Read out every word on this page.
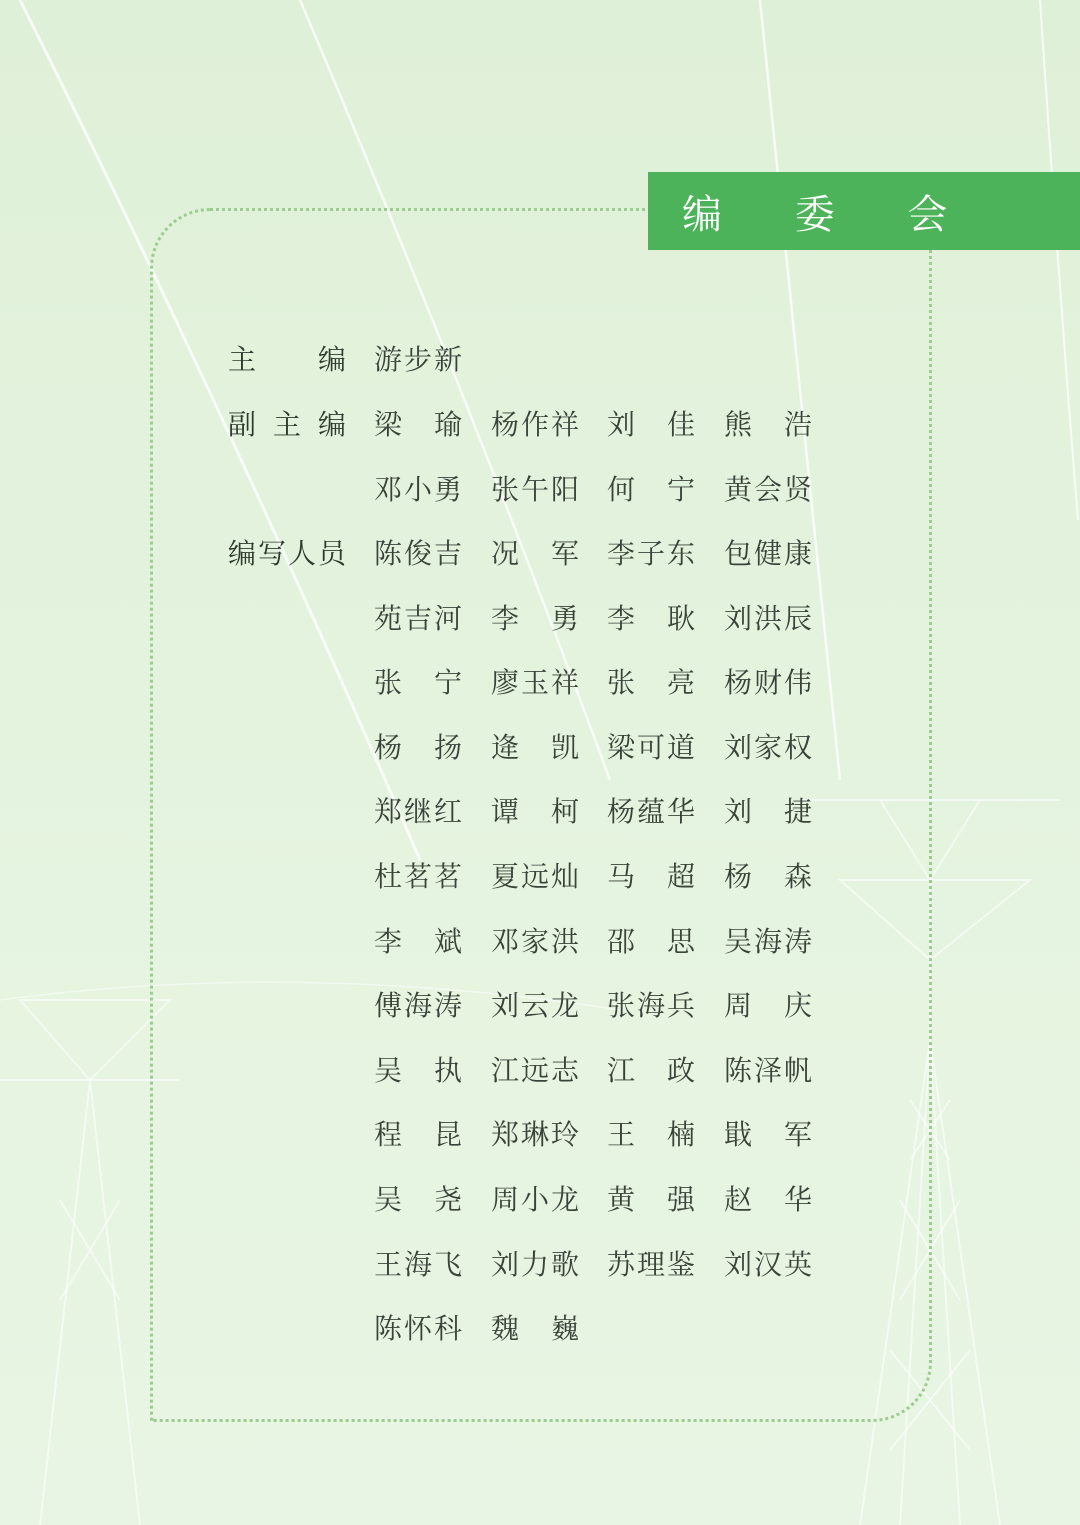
编 委 会
主 编
副 主 编
编 写 人 员
游 步 新
梁 瑜 杨 作 祥 刘 佳 熊 浩
邓 小 勇 张 午 阳 何 宁 黄 会 贤
陈 俊 吉 况 军 李 子 东 包 健 康
苑 吉 河 李 勇 李 耿 刘 洪 辰
张 宁 廖 玉 祥 张 亮 杨 财 伟
杨 扬 逄 凯 梁 可 道 刘 家 权
郑 继 红 谭 柯 杨 蕴 华 刘 捷
杜 茗 茗 夏 远 灿 马 超 杨 森
李 斌 邓 家 洪 邵 思 吴 海 涛
傅 海 涛 刘 云 龙 张 海 兵 周 庆
吴 执 江 远 志 江 政 陈 泽 帆
程 昆 郑 琳 玲 王 楠 戢 军
吴 尧 周 小 龙 黄 强 赵 华
王 海 飞 刘 力 歌 苏 理 鉴 刘 汉 英
陈 怀 科 魏 巍
